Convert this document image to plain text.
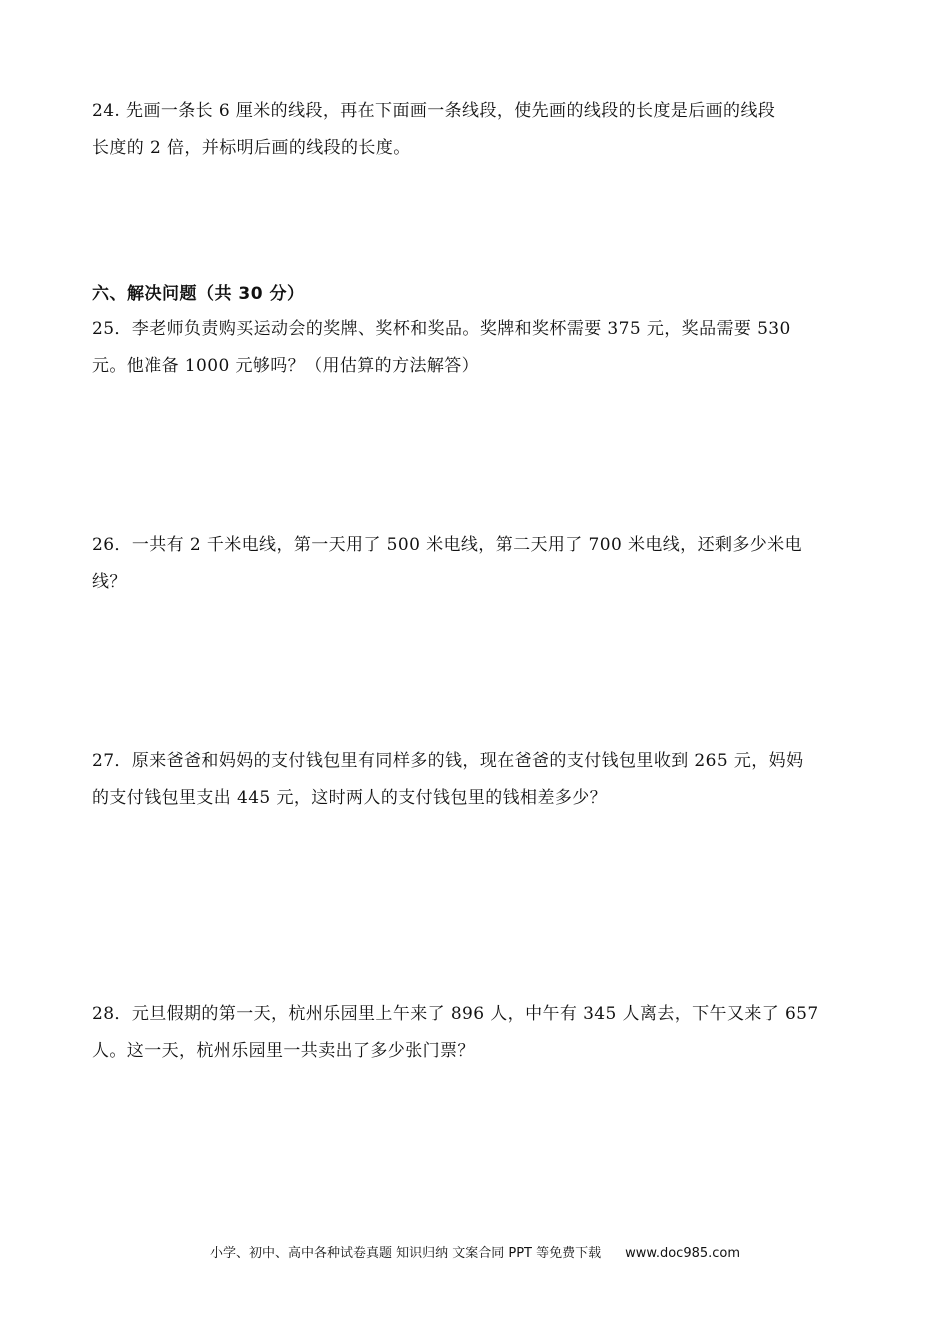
24. 先画一条长 6 厘米的线段，再在下面画一条线段，使先画的线段的长度是后画的线段

长度的 2 倍，并标明后画的线段的长度。

六、解决问题（共 30 分）

25．李老师负责购买运动会的奖牌、奖杯和奖品。奖牌和奖杯需要 375 元，奖品需要 530

元。他准备 1000 元够吗？（用估算的方法解答）

26．一共有 2 千米电线，第一天用了 500 米电线，第二天用了 700 米电线，还剩多少米电

线？

27．原来爸爸和妈妈的支付钱包里有同样多的钱，现在爸爸的支付钱包里收到 265 元，妈妈

的支付钱包里支出 445 元，这时两人的支付钱包里的钱相差多少？

28．元旦假期的第一天，杭州乐园里上午来了 896 人，中午有 345 人离去，下午又来了 657

人。这一天，杭州乐园里一共卖出了多少张门票？

小学、初中、高中各种试卷真题 知识归纳 文案合同 PPT 等免费下载 www.doc985.com
